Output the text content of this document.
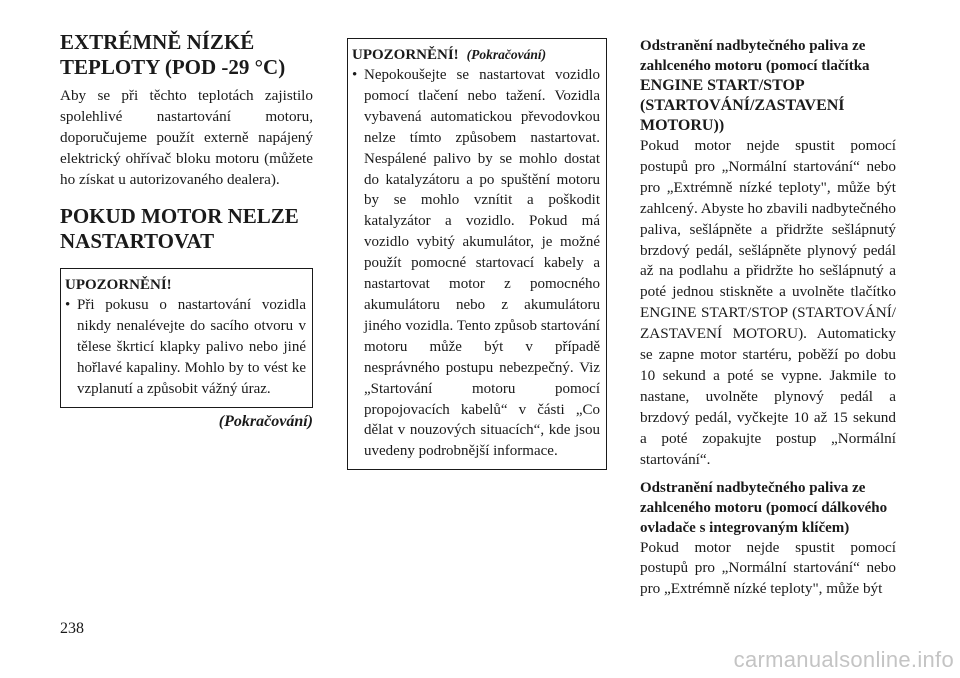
EXTRÉMNĚ NÍZKÉ TEPLOTY (POD -29 °C)

Aby se při těchto teplotách zajistilo spolehlivé nastartování motoru, doporučujeme použít externě napájený elektrický ohřívač bloku motoru (můžete ho získat u autorizovaného dealera).

POKUD MOTOR NELZE NASTARTOVAT
UPOZORNĚNÍ!
• Při pokusu o nastartování vozidla nikdy nenalévejte do sacího otvoru v tělese škrticí klapky palivo nebo jiné hořlavé kapaliny. Mohlo by to vést ke vzplanutí a způsobit vážný úraz.
(Pokračování)
UPOZORNĚNÍ! (Pokračování)
• Nepokoušejte se nastartovat vozidlo pomocí tlačení nebo tažení. Vozidla vybavená automatickou převodovkou nelze tímto způsobem nastartovat. Nespálené palivo by se mohlo dostat do katalyzátoru a po spuštění motoru by se mohlo vznítit a poškodit katalyzátor a vozidlo. Pokud má vozidlo vybitý akumulátor, je možné použít pomocné startovací kabely a nastartovat motor z pomocného akumulátoru nebo z akumulátoru jiného vozidla. Tento způsob startování motoru může být v případě nesprávného postupu nebezpečný. Viz „Startování motoru pomocí propojovacích kabelů“ v části „Co dělat v nouzových situacích“, kde jsou uvedeny podrobnější informace.

Odstranění nadbytečného paliva ze zahlceného motoru (pomocí tlačítka

ENGINE START/STOP (STARTOVÁNÍ/ZASTAVENÍ MOTORU))

Pokud motor nejde spustit pomocí postupů pro „Normální startování“ nebo pro „Extrémně nízké teploty", může být zahlcený. Abyste ho zbavili nadbytečného paliva, sešlápněte a přidržte sešlápnutý brzdový pedál, sešlápněte plynový pedál až na podlahu a přidržte ho sešlápnutý a poté jednou stiskněte a uvolněte tlačítko ENGINE START/STOP (STARTOVÁNÍ/ ZASTAVENÍ MOTORU). Automaticky se zapne motor startéru, poběží po dobu 10 sekund a poté se vypne. Jakmile to nastane, uvolněte plynový pedál a brzdový pedál, vyčkejte 10 až 15 sekund a poté zopakujte postup „Normální startování“.

Odstranění nadbytečného paliva ze zahlceného motoru (pomocí dálkového ovladače s integrovaným klíčem)

Pokud motor nejde spustit pomocí postupů pro „Normální startování“ nebo pro „Extrémně nízké teploty", může být

238
carmanualsonline.info
